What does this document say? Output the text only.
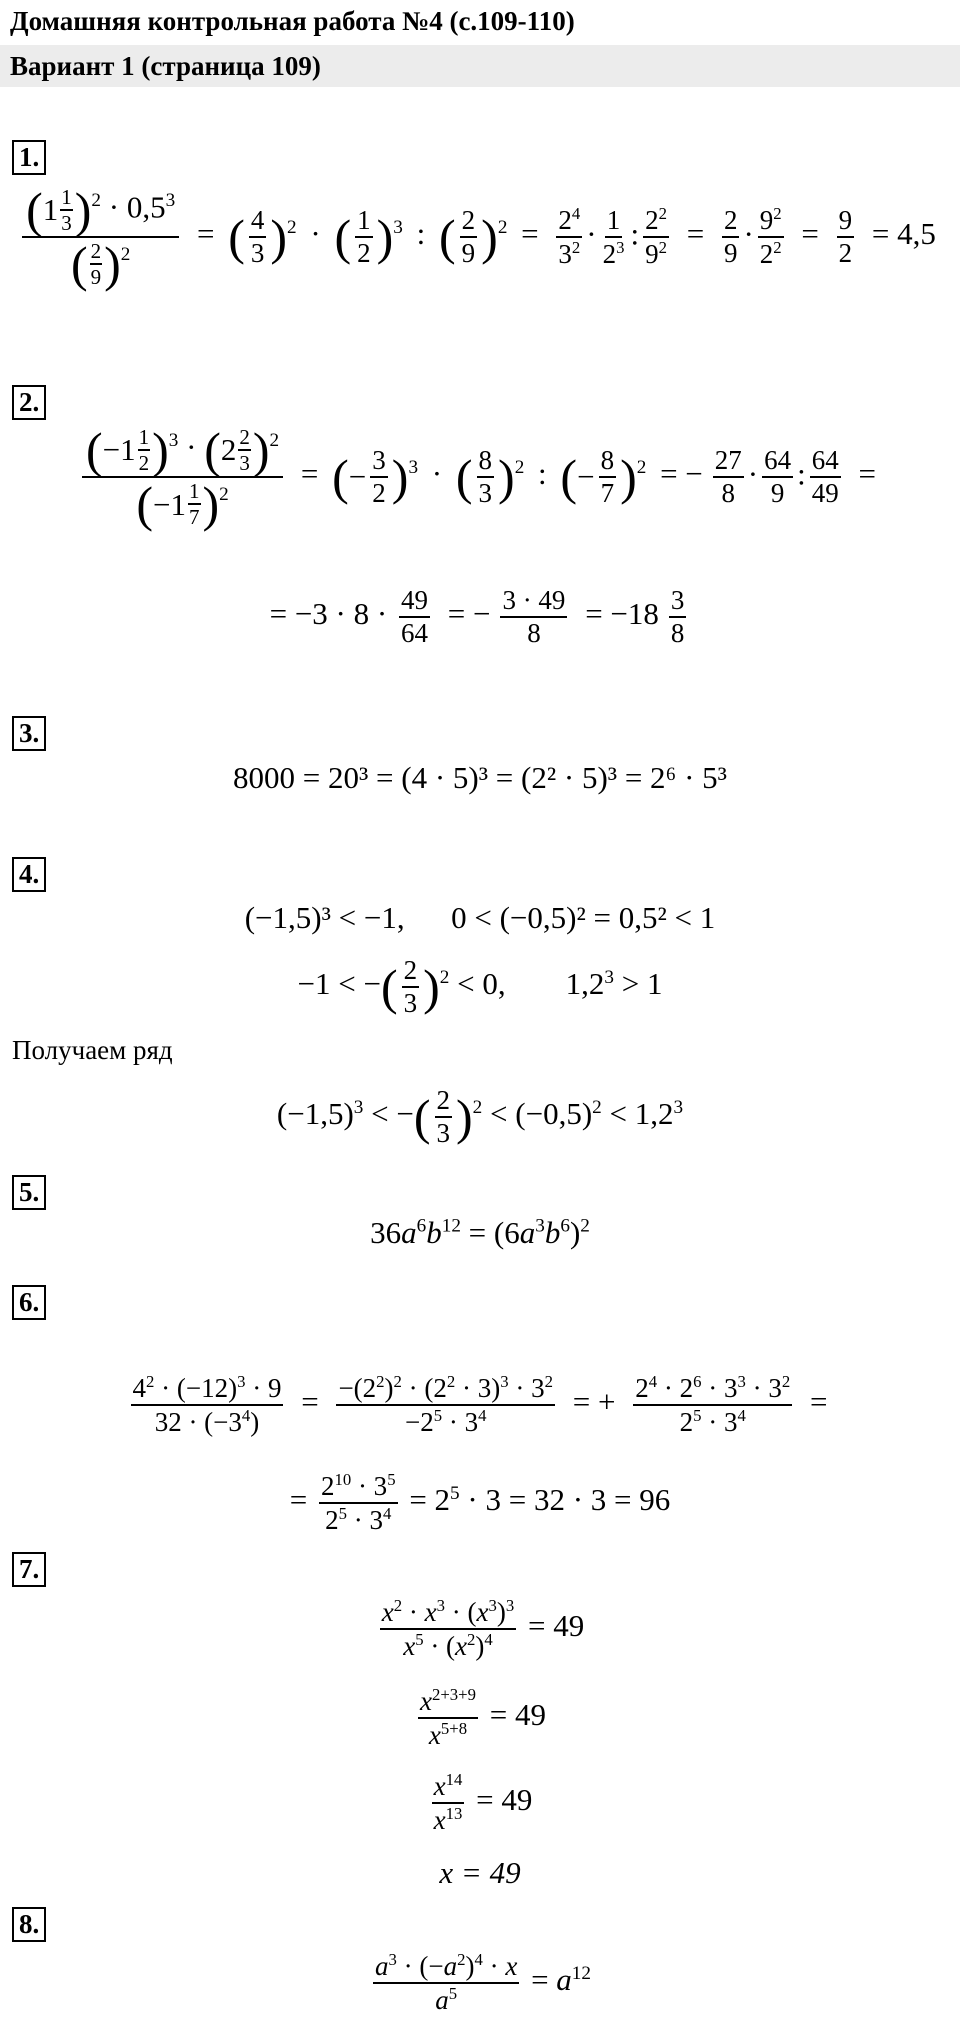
Домашняя контрольная работа №4 (с.109-110)
Вариант 1 (страница 109)
1.
( 1 1
3 ) $^2 \cdot 0,5^3$
( 2
9 ) $^2$ = ( 4
3 ) $^2$ · ( 1
2 ) $^3$ : ( 2
9 ) $^2 = \frac{2^4}{3^2} \cdot \frac{1}{2^3}$ : $\frac{2^2}{9^2} = \frac{2}{9} \cdot \frac{9^2}{2^2} = \frac{9}{2} = 4,5$
2.
( −1 1
2 ) $^3$ · ( 2 2
3 ) $^2$
( −1 1
7 ) $^2$ = ( − 3
2 ) $^3$ · ( 8
3 ) $^2$ : ( − 8
7 ) $^2$ = − $\frac{27}{8} \cdot \frac{64}{9}$ : $\frac{64}{49}$ =
= $-3 \cdot 8 \cdot \frac{49}{64}$ = − $\frac{3 \cdot 49}{8} = -18 \frac{3}{8}$
3.
8000 = 20³ = (4 · 5)³ = (2² · 5)³ = 2⁶ · 5³
4.
(−1,5)³ < −1,      0 < (−0,5)² = 0,5² < 1
−1 < − ( 2
3 ) $^2$ < 0, $1,2^3 > 1$
Получаем ряд
$(-1,5)^3$ < − ( 2
3 ) $^2 < (-0,5)^2 < 1,2^3$
5.
$36a^6b^{12} = (6a^3b^6)^2$
6.
$\frac{4^2 \cdot (-12)^3 \cdot 9}{32 \cdot (-3^4)} = \frac{-(2^2)^2 \cdot (2^2 \cdot 3)^3 \cdot 3^2}{-2^5 \cdot 3^4}$ = + $\frac{2^4 \cdot 2^6 \cdot 3^3 \cdot 3^2}{2^5 \cdot 3^4}$ =
= $\frac{2^{10} \cdot 3^5}{2^5 \cdot 3^4} = 2^5 \cdot 3 = 32 \cdot 3 = 96$
7.
$\frac{x^2 \cdot x^3 \cdot (x^3)^3}{x^5 \cdot (x^2)^4} = 49$
$\frac{x^{2+3+9}}{x^{5+8}} = 49$
$\frac{x^{14}}{x^{13}} = 49$
x = 49
8.
$\frac{a^3 \cdot (-a^2)^4 \cdot x}{a^5} = a^{12}$
